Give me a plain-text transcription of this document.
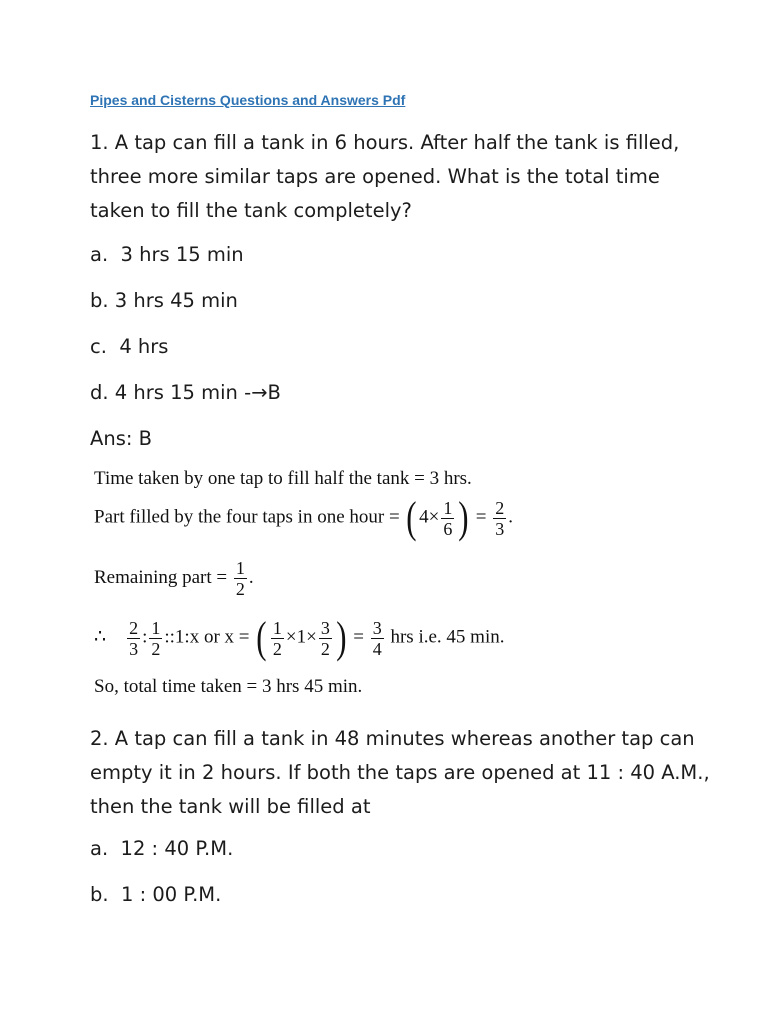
Pipes and Cisterns Questions and Answers Pdf

1. A tap can fill a tank in 6 hours. After half the tank is filled,

three more similar taps are opened. What is the total time

taken to fill the tank completely?

a.  3 hrs 15 min

b. 3 hrs 45 min

c.  4 hrs

d. 4 hrs 15 min -→B

Ans: B

Time taken by one tap to fill half the tank = 3 hrs.
Part filled by the four taps in one hour = ( $4\times \frac{1}{6}$ ) = $\frac{2}{3}$ .
Remaining part = $\frac{1}{2}$ .
∴ $\frac{2}{3}$ : $\frac{1}{2}$ ::1:x or x = ( $\frac{1}{2} \times 1\times \frac{3}{2}$ ) = $\frac{3}{4}$ hrs i.e. 45 min.
So, total time taken = 3 hrs 45 min.

2. A tap can fill a tank in 48 minutes whereas another tap can

empty it in 2 hours. If both the taps are opened at 11 : 40 A.M.,

then the tank will be filled at

a.  12 : 40 P.M.

b.  1 : 00 P.M.
